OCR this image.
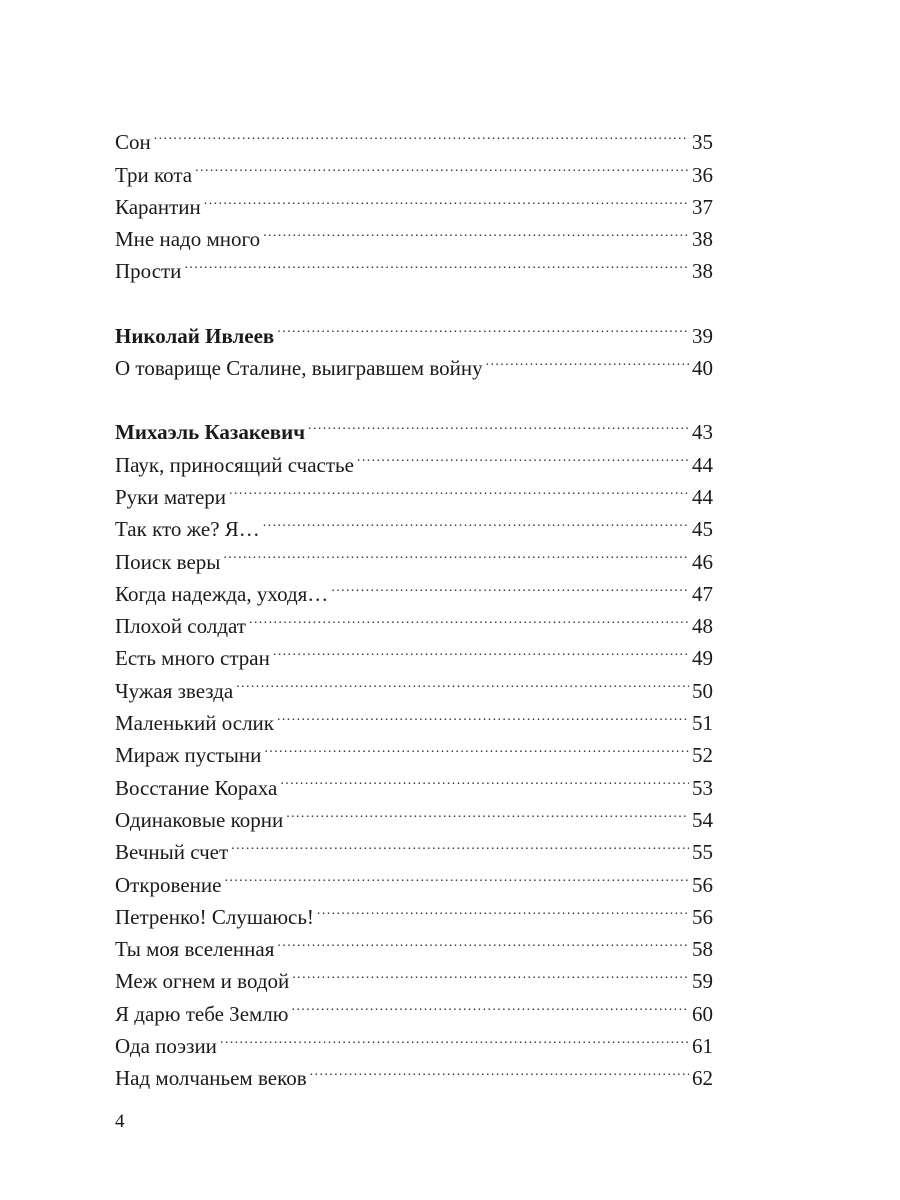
Сон .....	35
Три кота .....	36
Карантин .....	37
Мне надо много .....	38
Прости .....	38
Николай Ивлеев .....	39
О товарище Сталине, выигравшем войну .....	40
Михаэль Казакевич .....	43
Паук, приносящий счастье .....	44
Руки матери .....	44
Так кто же? Я… .....	45
Поиск веры .....	46
Когда надежда, уходя… .....	47
Плохой солдат .....	48
Есть много стран .....	49
Чужая звезда .....	50
Маленький ослик .....	51
Мираж пустыни .....	52
Восстание Кораха .....	53
Одинаковые корни .....	54
Вечный счет .....	55
Откровение .....	56
Петренко! Слушаюсь! .....	56
Ты моя вселенная .....	58
Меж огнем и водой .....	59
Я дарю тебе Землю .....	60
Ода поэзии .....	61
Над молчаньем веков .....	62
4
